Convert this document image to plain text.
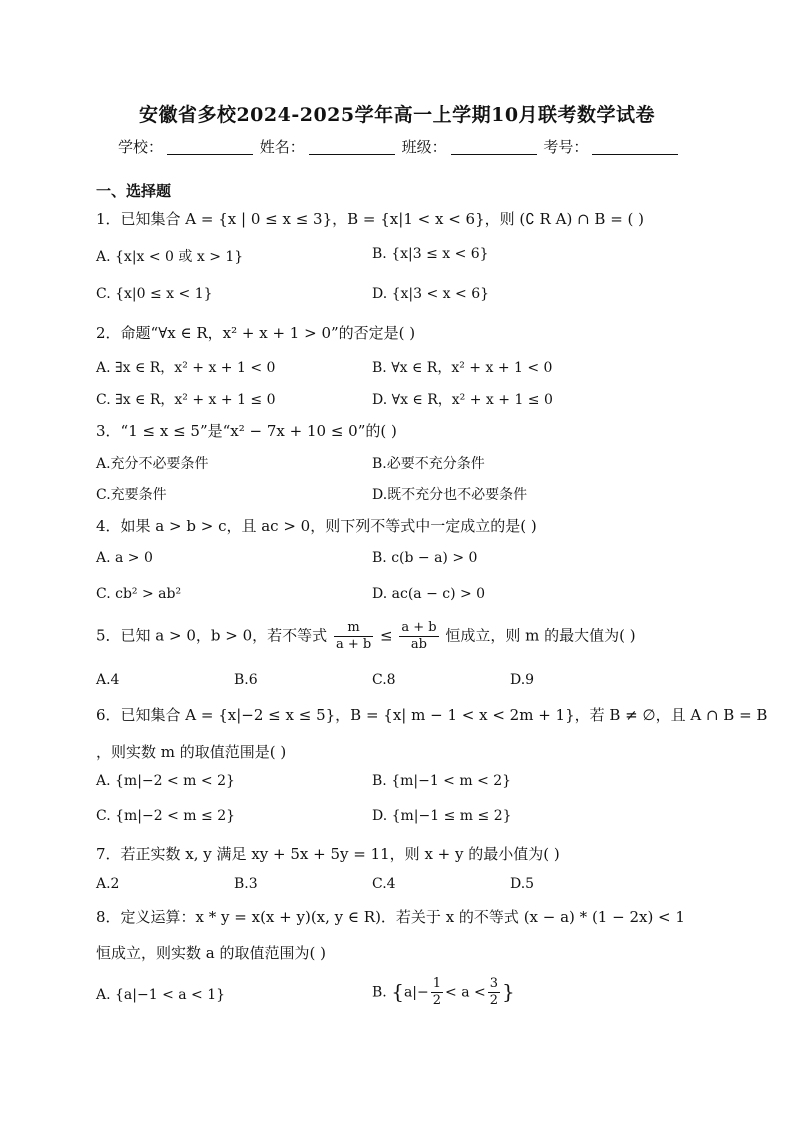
安徽省多校2024-2025学年高一上学期10月联考数学试卷
学校：	姓名：	班级：	考号：
一、选择题
1．已知集合 A = {x | 0 ≤ x ≤ 3}，B = {x|1 < x < 6}，则 (∁ R A) ∩ B = ( )
A. {x|x < 0 或 x > 1}	B. {x|3 ≤ x < 6}
C. {x|0 ≤ x < 1}	D. {x|3 < x < 6}
2．命题“∀x ∈ R，x² + x + 1 > 0”的否定是( )
A. ∃x ∈ R，x² + x + 1 < 0	B. ∀x ∈ R，x² + x + 1 < 0
C. ∃x ∈ R，x² + x + 1 ≤ 0	D. ∀x ∈ R，x² + x + 1 ≤ 0
3．“1 ≤ x ≤ 5”是“x² − 7x + 10 ≤ 0”的( )
A.充分不必要条件	B.必要不充分条件
C.充要条件	D.既不充分也不必要条件
4．如果 a > b > c，且 ac > 0，则下列不等式中一定成立的是( )
A. a > 0	B. c(b − a) > 0
C. cb² > ab²	D. ac(a − c) > 0
5．已知 a > 0，b > 0，若不等式 $\frac{m}{a + b} \le \frac{a + b}{ab}$ 恒成立，则 m 的最大值为( )
A.4	B.6	C.8	D.9
6．已知集合 A = {x|−2 ≤ x ≤ 5}，B = {x| m − 1 < x < 2m + 1}，若 B ≠ ∅，且 A ∩ B = B
，则实数 m 的取值范围是( )
A. {m|−2 < m < 2}	B. {m|−1 < m < 2}
C. {m|−2 < m ≤ 2}	D. {m|−1 ≤ m ≤ 2}
7．若正实数 x, y 满足 xy + 5x + 5y = 11，则 x + y 的最小值为( )
A.2	B.3	C.4	D.5
8．定义运算：x * y = x(x + y)(x, y ∈ R)．若关于 x 的不等式 (x − a) * (1 − 2x) < 1
恒成立，则实数 a 的取值范围为( )
A. {a|−1 < a < 1}	B. {$a|- \frac{1}{2} < a < \frac{3}{2}$ }
